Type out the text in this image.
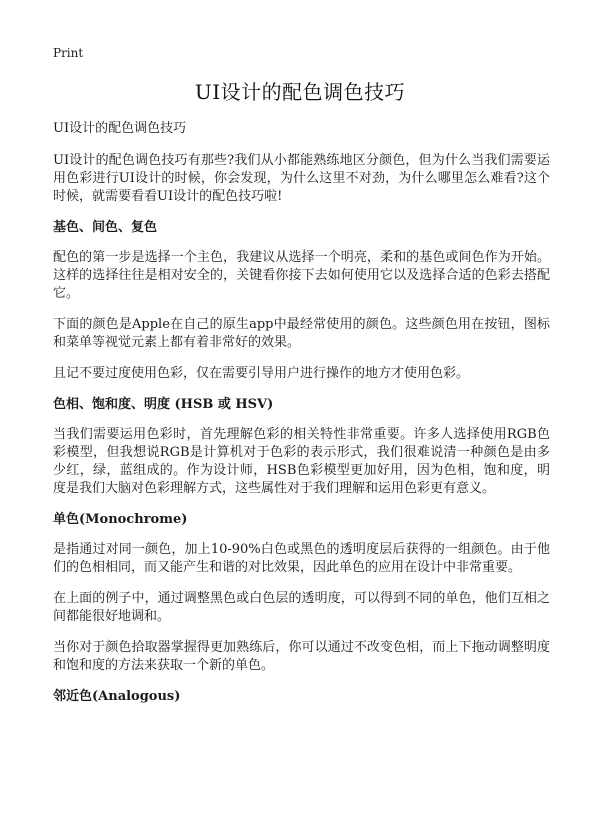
Print
UI设计的配色调色技巧

UI设计的配色调色技巧

UI设计的配色调色技巧有那些?我们从小都能熟练地区分颜色，但为什么当我们需要运用色彩进行UI设计的时候，你会发现，为什么这里不对劲，为什么哪里怎么难看?这个时候，就需要看看UI设计的配色技巧啦!

基色、间色、复色

配色的第一步是选择一个主色，我建议从选择一个明亮，柔和的基色或间色作为开始。这样的选择往往是相对安全的，关键看你接下去如何使用它以及选择合适的色彩去搭配它。

下面的颜色是Apple在自己的原生app中最经常使用的颜色。这些颜色用在按钮，图标和菜单等视觉元素上都有着非常好的效果。

且记不要过度使用色彩，仅在需要引导用户进行操作的地方才使用色彩。

色相、饱和度、明度 (HSB 或 HSV)

当我们需要运用色彩时，首先理解色彩的相关特性非常重要。许多人选择使用RGB色彩模型，但我想说RGB是计算机对于色彩的表示形式，我们很难说清一种颜色是由多少红，绿，蓝组成的。作为设计师，HSB色彩模型更加好用，因为色相，饱和度，明度是我们大脑对色彩理解方式，这些属性对于我们理解和运用色彩更有意义。

单色(Monochrome)

是指通过对同一颜色，加上10-90%白色或黑色的透明度层后获得的一组颜色。由于他们的色相相同，而又能产生和谐的对比效果，因此单色的应用在设计中非常重要。

在上面的例子中，通过调整黑色或白色层的透明度，可以得到不同的单色，他们互相之间都能很好地调和。

当你对于颜色拾取器掌握得更加熟练后，你可以通过不改变色相，而上下拖动调整明度和饱和度的方法来获取一个新的单色。

邻近色(Analogous)
